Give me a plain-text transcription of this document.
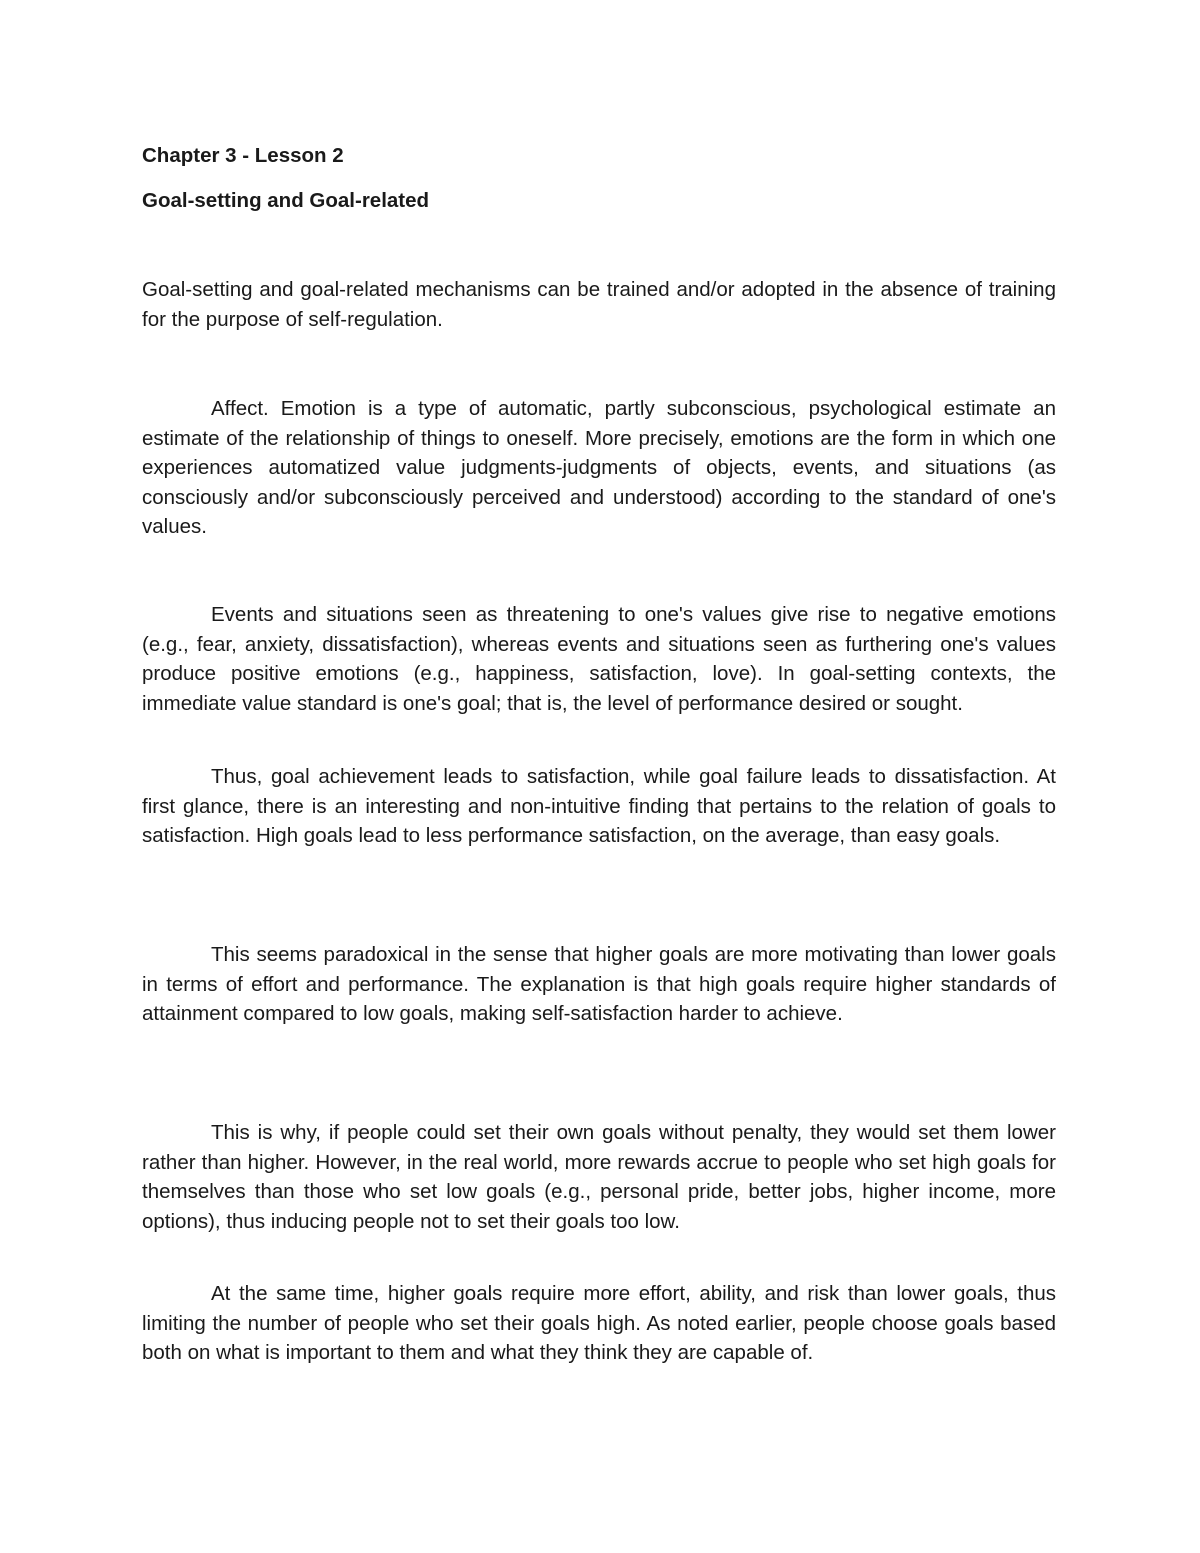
Chapter 3 - Lesson 2
Goal-setting and Goal-related

Goal-setting and goal-related mechanisms can be trained and/or adopted in the absence of training for the purpose of self-regulation.

Affect. Emotion is a type of automatic, partly subconscious, psychological estimate an estimate of the relationship of things to oneself. More precisely, emotions are the form in which one experiences automatized value judgments-judgments of objects, events, and situations (as consciously and/or subconsciously perceived and understood) according to the standard of one's values.

Events and situations seen as threatening to one's values give rise to negative emotions (e.g., fear, anxiety, dissatisfaction), whereas events and situations seen as furthering one's values produce positive emotions (e.g., happiness, satisfaction, love). In goal-setting contexts, the immediate value standard is one's goal; that is, the level of performance desired or sought.

Thus, goal achievement leads to satisfaction, while goal failure leads to dissatisfaction. At first glance, there is an interesting and non-intuitive finding that pertains to the relation of goals to satisfaction. High goals lead to less performance satisfaction, on the average, than easy goals.

This seems paradoxical in the sense that higher goals are more motivating than lower goals in terms of effort and performance. The explanation is that high goals require higher standards of attainment compared to low goals, making self-satisfaction harder to achieve.

This is why, if people could set their own goals without penalty, they would set them lower rather than higher. However, in the real world, more rewards accrue to people who set high goals for themselves than those who set low goals (e.g., personal pride, better jobs, higher income, more options), thus inducing people not to set their goals too low.

At the same time, higher goals require more effort, ability, and risk than lower goals, thus limiting the number of people who set their goals high. As noted earlier, people choose goals based both on what is important to them and what they think they are capable of.
